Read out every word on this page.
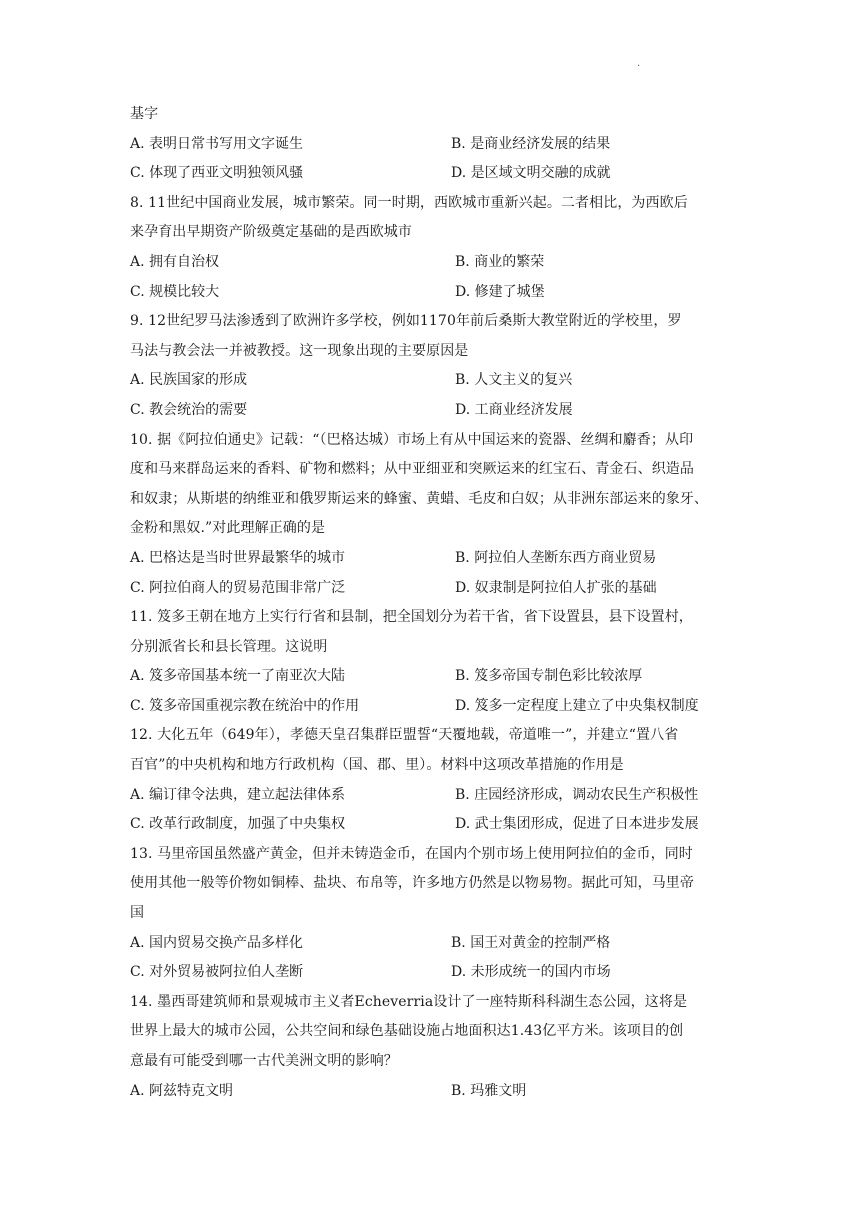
.
基字
A. 表明日常书写用文字诞生	B. 是商业经济发展的结果
C. 体现了西亚文明独领风骚	D. 是区域文明交融的成就
8. 11世纪中国商业发展，城市繁荣。同一时期，西欧城市重新兴起。二者相比，为西欧后
来孕育出早期资产阶级奠定基础的是西欧城市
A. 拥有自治权	B. 商业的繁荣
C. 规模比较大	D. 修建了城堡
9. 12世纪罗马法渗透到了欧洲许多学校，例如1170年前后桑斯大教堂附近的学校里，罗
马法与教会法一并被教授。这一现象出现的主要原因是
A. 民族国家的形成	B. 人文主义的复兴
C. 教会统治的需要	D. 工商业经济发展
10. 据《阿拉伯通史》记载：“（巴格达城）市场上有从中国运来的瓷器、丝绸和麝香；从印
度和马来群岛运来的香料、矿物和燃料；从中亚细亚和突厥运来的红宝石、青金石、织造品
和奴隶；从斯堪的纳维亚和俄罗斯运来的蜂蜜、黄蜡、毛皮和白奴；从非洲东部运来的象牙、
金粉和黑奴.”对此理解正确的是
A. 巴格达是当时世界最繁华的城市	B. 阿拉伯人垄断东西方商业贸易
C. 阿拉伯商人的贸易范围非常广泛	D. 奴隶制是阿拉伯人扩张的基础
11. 笈多王朝在地方上实行行省和县制，把全国划分为若干省，省下设置县，县下设置村，
分别派省长和县长管理。这说明
A. 笈多帝国基本统一了南亚次大陆	B. 笈多帝国专制色彩比较浓厚
C. 笈多帝国重视宗教在统治中的作用	D. 笈多一定程度上建立了中央集权制度
12. 大化五年（649年），孝德天皇召集群臣盟誓“天覆地载，帝道唯一”，并建立“置八省
百官”的中央机构和地方行政机构（国、郡、里）。材料中这项改革措施的作用是
A. 编订律令法典，建立起法律体系	B. 庄园经济形成，调动农民生产积极性
C. 改革行政制度，加强了中央集权	D. 武士集团形成，促进了日本进步发展
13. 马里帝国虽然盛产黄金，但并未铸造金币，在国内个别市场上使用阿拉伯的金币，同时
使用其他一般等价物如铜棒、盐块、布帛等，许多地方仍然是以物易物。据此可知，马里帝
国
A. 国内贸易交换产品多样化	B. 国王对黄金的控制严格
C. 对外贸易被阿拉伯人垄断	D. 未形成统一的国内市场
14. 墨西哥建筑师和景观城市主义者Echeverria设计了一座特斯科科湖生态公园，这将是
世界上最大的城市公园，公共空间和绿色基础设施占地面积达1.43亿平方米。该项目的创
意最有可能受到哪一古代美洲文明的影响？
A. 阿兹特克文明	B. 玛雅文明
